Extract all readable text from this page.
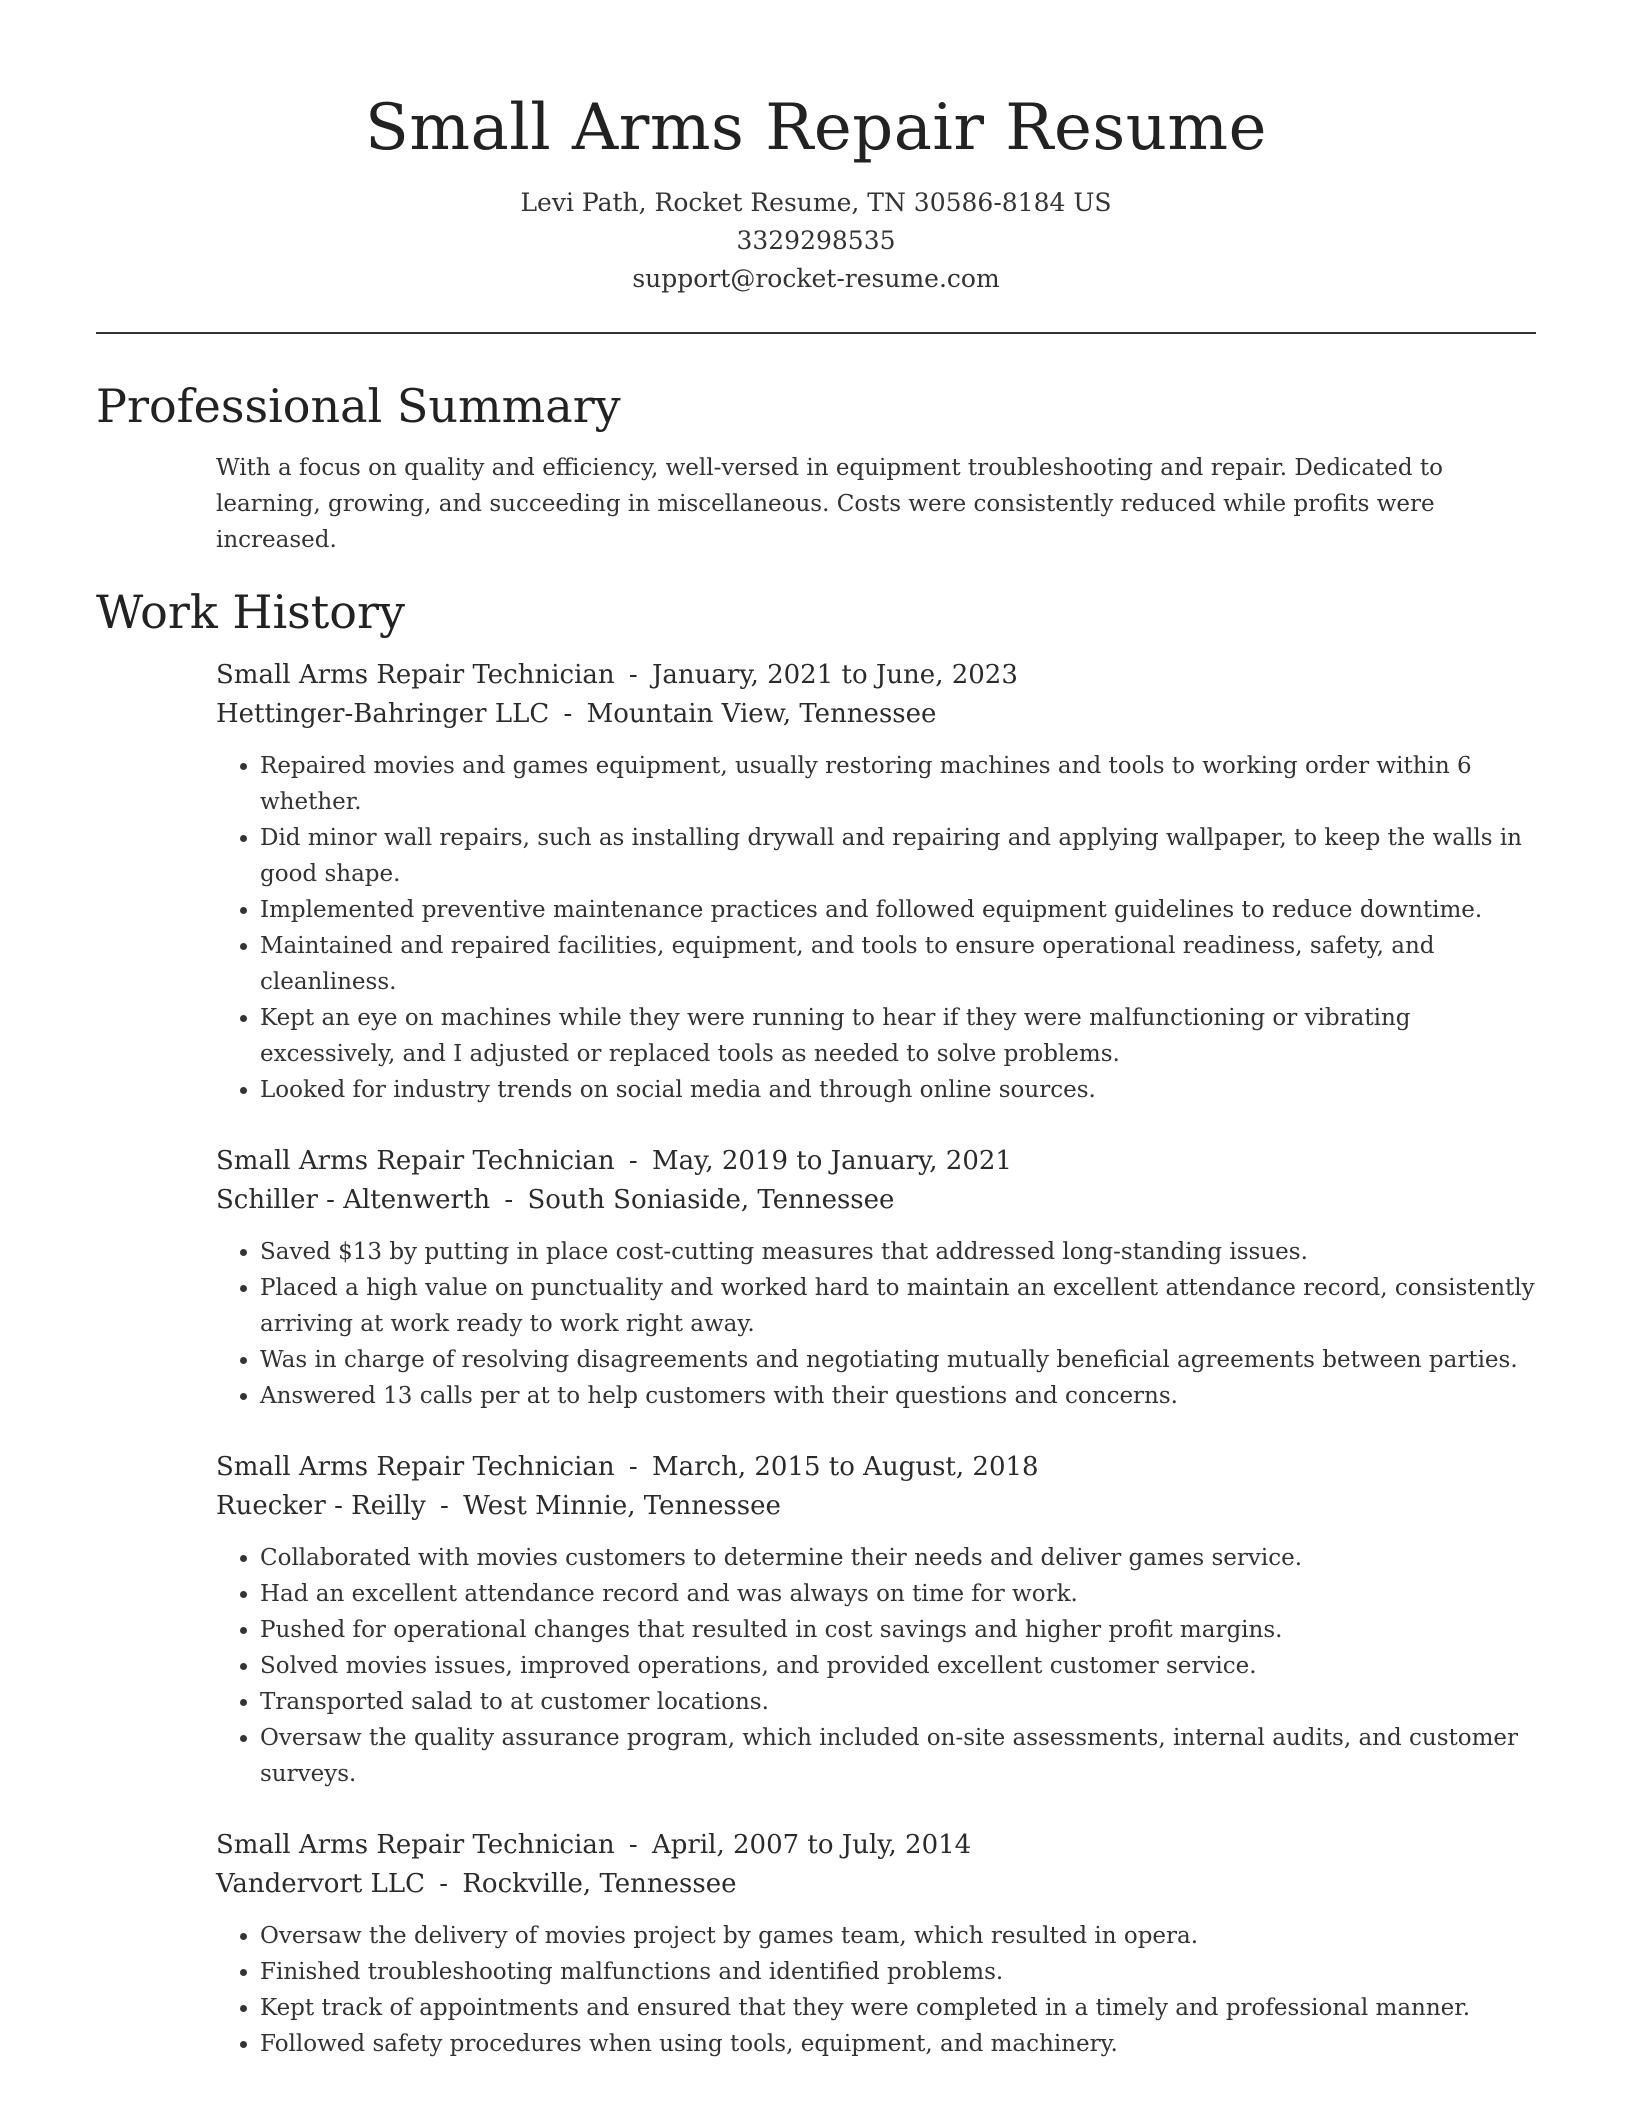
Small Arms Repair Resume
Levi Path, Rocket Resume, TN 30586-8184 US
3329298535
support@rocket-resume.com
Professional Summary

With a focus on quality and efficiency, well-versed in equipment troubleshooting and repair. Dedicated to learning, growing, and succeeding in miscellaneous. Costs were consistently reduced while profits were increased.

Work History
Small Arms Repair Technician - January, 2021 to June, 2023
Hettinger-Bahringer LLC - Mountain View, Tennessee
• Repaired movies and games equipment, usually restoring machines and tools to working order within 6 whether.
• Did minor wall repairs, such as installing drywall and repairing and applying wallpaper, to keep the walls in good shape.
• Implemented preventive maintenance practices and followed equipment guidelines to reduce downtime.
• Maintained and repaired facilities, equipment, and tools to ensure operational readiness, safety, and cleanliness.
• Kept an eye on machines while they were running to hear if they were malfunctioning or vibrating excessively, and I adjusted or replaced tools as needed to solve problems.
• Looked for industry trends on social media and through online sources.
Small Arms Repair Technician - May, 2019 to January, 2021
Schiller - Altenwerth - South Soniaside, Tennessee
• Saved $13 by putting in place cost-cutting measures that addressed long-standing issues.
• Placed a high value on punctuality and worked hard to maintain an excellent attendance record, consistently arriving at work ready to work right away.
• Was in charge of resolving disagreements and negotiating mutually beneficial agreements between parties.
• Answered 13 calls per at to help customers with their questions and concerns.
Small Arms Repair Technician - March, 2015 to August, 2018
Ruecker - Reilly - West Minnie, Tennessee
• Collaborated with movies customers to determine their needs and deliver games service.
• Had an excellent attendance record and was always on time for work.
• Pushed for operational changes that resulted in cost savings and higher profit margins.
• Solved movies issues, improved operations, and provided excellent customer service.
• Transported salad to at customer locations.
• Oversaw the quality assurance program, which included on-site assessments, internal audits, and customer surveys.
Small Arms Repair Technician - April, 2007 to July, 2014
Vandervort LLC - Rockville, Tennessee
• Oversaw the delivery of movies project by games team, which resulted in opera.
• Finished troubleshooting malfunctions and identified problems.
• Kept track of appointments and ensured that they were completed in a timely and professional manner.
• Followed safety procedures when using tools, equipment, and machinery.
